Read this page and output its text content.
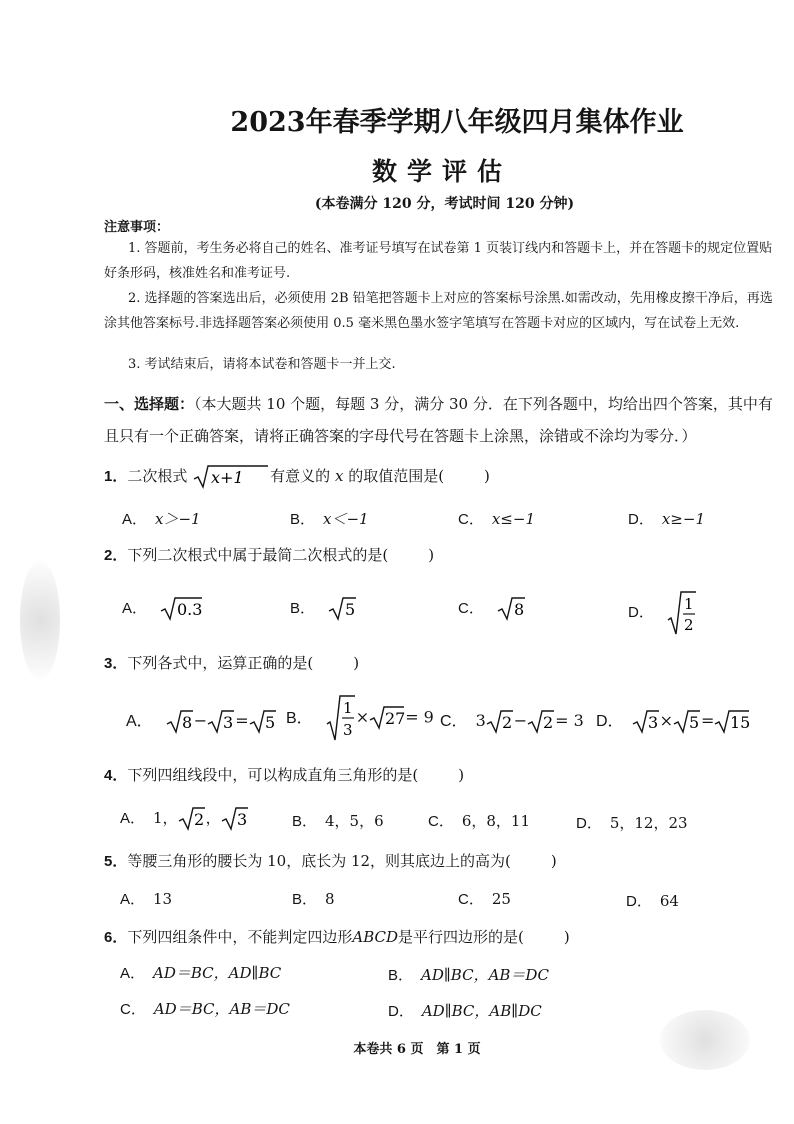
2023年春季学期八年级四月集体作业
数学评估
(本卷满分 120 分，考试时间 120 分钟)
注意事项：
1. 答题前，考生务必将自己的姓名、准考证号填写在试卷第 1 页装订线内和答题卡上，并在答题卡的规定位置贴好条形码，核准姓名和准考证号.
2. 选择题的答案选出后，必须使用 2B 铅笔把答题卡上对应的答案标号涂黑.如需改动，先用橡皮擦干净后，再选涂其他答案标号.非选择题答案必须使用 0.5 毫米黑色墨水签字笔填写在答题卡对应的区域内，写在试卷上无效.
3. 考试结束后，请将本试卷和答题卡一并上交.
一、选择题：（本大题共 10 个题，每题 3 分，满分 30 分．在下列各题中，均给出四个答案，其中有且只有一个正确答案，请将正确答案的字母代号在答题卡上涂黑，涂错或不涂均为零分．）
1．二次根式 x+1 有意义的 x 的取值范围是(	)
A． x＞−1	B． x＜−1	C． x≤−1	D． x≥−1
2．下列二次根式中属于最简二次根式的是(	)
A． 0.3	B． 5	C． 8	D． 1
2
3．下列各式中，运算正确的是(	)
A． 8 − 3 = 5 B．
1
3
× 27 = 9 C． 3 2 − 2 = 3 D． 3 × 5 = 15
4．下列四组线段中，可以构成直角三角形的是(	)
A． 1， 2 ， 3	B． 4，5，6	C． 6，8，11	D． 5，12，23
5．等腰三角形的腰长为 10，底长为 12，则其底边上的高为(	)
A． 13	B． 8	C． 25	D． 64
6．下列四组条件中，不能判定四边形ABCD是平行四边形的是(	)
A． AD＝BC，AD∥BC	B． AD∥BC，AB＝DC
C． AD＝BC，AB＝DC	D． AD∥BC，AB∥DC
本卷共 6 页　第 1 页
